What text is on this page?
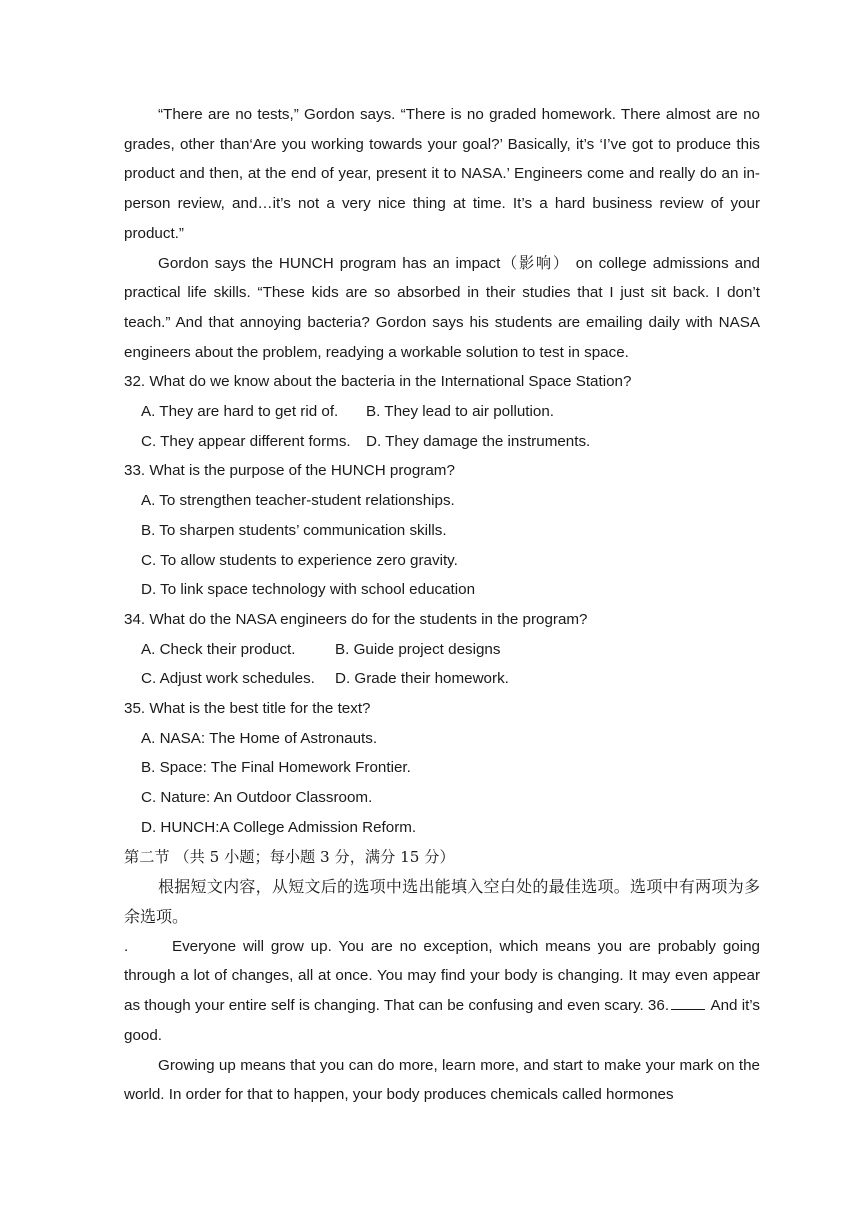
“There are no tests,” Gordon says. “There is no graded homework. There almost are no grades, other than‘Are you working towards your goal?’ Basically, it’s ‘I’ve got to produce this product and then, at the end of year, present it to NASA.’ Engineers come and really do an in-person review, and…it’s not a very nice thing at time. It’s a hard business review of your product.”

Gordon says the HUNCH program has an impact（影响） on college admissions and practical life skills. “These kids are so absorbed in their studies that I just sit back. I don’t teach.” And that annoying bacteria? Gordon says his students are emailing daily with NASA engineers about the problem, readying a workable solution to test in space.

32. What do we know about the bacteria in the International Space Station?

A. They are hard to get rid of.	B. They lead to air pollution.
C. They appear different forms.	D. They damage the instruments.

33. What is the purpose of the HUNCH program?

A. To strengthen teacher-student relationships.

B. To sharpen students’ communication skills.

C. To allow students to experience zero gravity.

D. To link space technology with school education

34. What do the NASA engineers do for the students in the program?

A. Check their product.	B. Guide project designs
C. Adjust work schedules.	D. Grade their homework.

35. What is the best title for the text?

A. NASA: The Home of Astronauts.

B. Space: The Final Homework Frontier.

C. Nature: An Outdoor Classroom.

D. HUNCH:A College Admission Reform.

第二节 （共 5 小题；每小题 3 分，满分 15 分）

根据短文内容，从短文后的选项中选出能填入空白处的最佳选项。选项中有两项为多余选项。

.	Everyone will grow up. You are no exception, which means you are probably going through a lot of changes, all at once. You may find your body is changing. It may even appear as though your entire self is changing. That can be confusing and even scary. 36.	And it’s good.

Growing up means that you can do more, learn more, and start to make your mark on the world. In order for that to happen, your body produces chemicals called hormones
